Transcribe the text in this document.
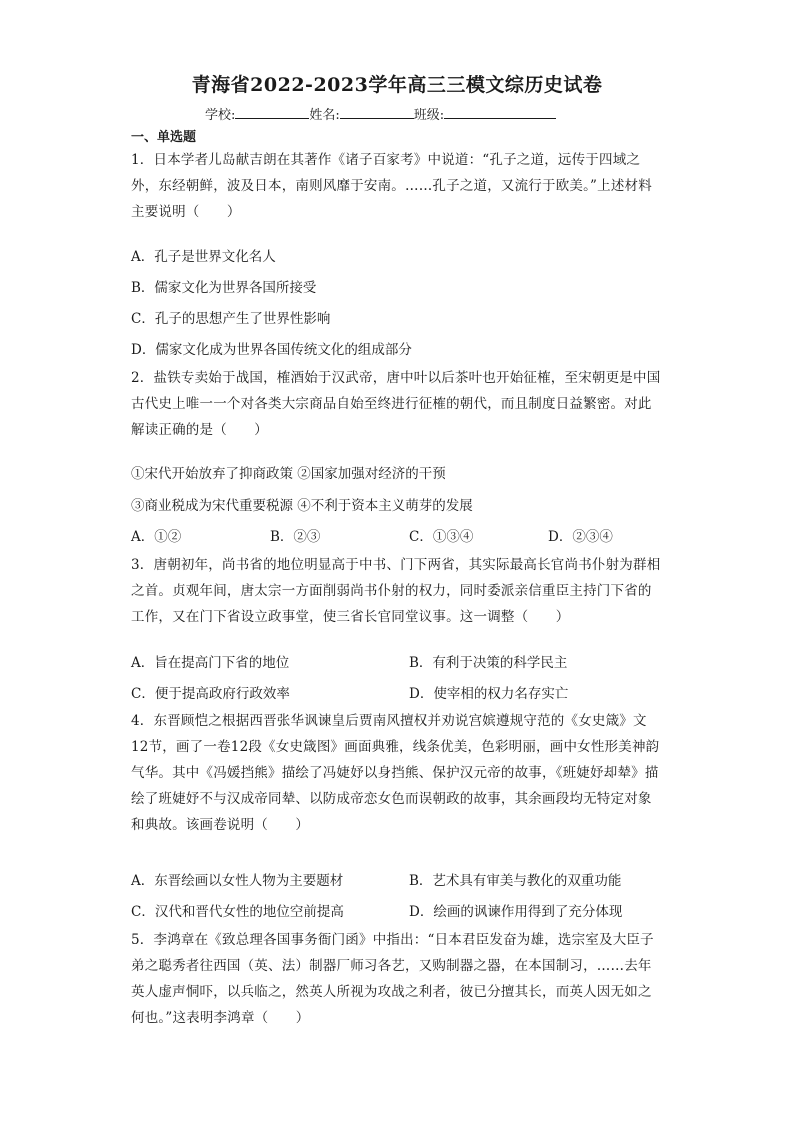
青海省2022-2023学年高三三模文综历史试卷
学校:	姓名:	班级:
一、单选题
1．日本学者儿岛献吉朗在其著作《诸子百家考》中说道：“孔子之道，远传于四域之外，东经朝鲜，波及日本，南则风靡于安南。……孔子之道，又流行于欧美。”上述材料主要说明（　　）
A．孔子是世界文化名人
B．儒家文化为世界各国所接受
C．孔子的思想产生了世界性影响
D．儒家文化成为世界各国传统文化的组成部分
2．盐铁专卖始于战国，榷酒始于汉武帝，唐中叶以后茶叶也开始征榷，至宋朝更是中国古代史上唯一一个对各类大宗商品自始至终进行征榷的朝代，而且制度日益繁密。对此解读正确的是（　　）
①宋代开始放弃了抑商政策 ②国家加强对经济的干预
③商业税成为宋代重要税源 ④不利于资本主义萌芽的发展
A．①②	B．②③	C．①③④	D．②③④
3．唐朝初年，尚书省的地位明显高于中书、门下两省，其实际最高长官尚书仆射为群相之首。贞观年间，唐太宗一方面削弱尚书仆射的权力，同时委派亲信重臣主持门下省的工作，又在门下省设立政事堂，使三省长官同堂议事。这一调整（　　）
A．旨在提高门下省的地位	B．有利于决策的科学民主
C．便于提高政府行政效率	D．使宰相的权力名存实亡
4．东晋顾恺之根据西晋张华讽谏皇后贾南风擅权并劝说宫嫔遵规守范的《女史箴》文12节，画了一卷12段《女史箴图》画面典雅，线条优美，色彩明丽，画中女性形美神韵气华。其中《冯媛挡熊》描绘了冯婕妤以身挡熊、保护汉元帝的故事，《班婕妤却辇》描绘了班婕妤不与汉成帝同辇、以防成帝恋女色而误朝政的故事，其余画段均无特定对象和典故。该画卷说明（　　）
A．东晋绘画以女性人物为主要题材	B．艺术具有审美与教化的双重功能
C．汉代和晋代女性的地位空前提高	D．绘画的讽谏作用得到了充分体现
5．李鸿章在《致总理各国事务衙门函》中指出：“日本君臣发奋为雄，选宗室及大臣子弟之聪秀者往西国（英、法）制器厂师习各艺，又购制器之器，在本国制习，……去年英人虚声恫吓，以兵临之，然英人所视为攻战之利者，彼已分擅其长，而英人因无如之何也。”这表明李鸿章（　　）
